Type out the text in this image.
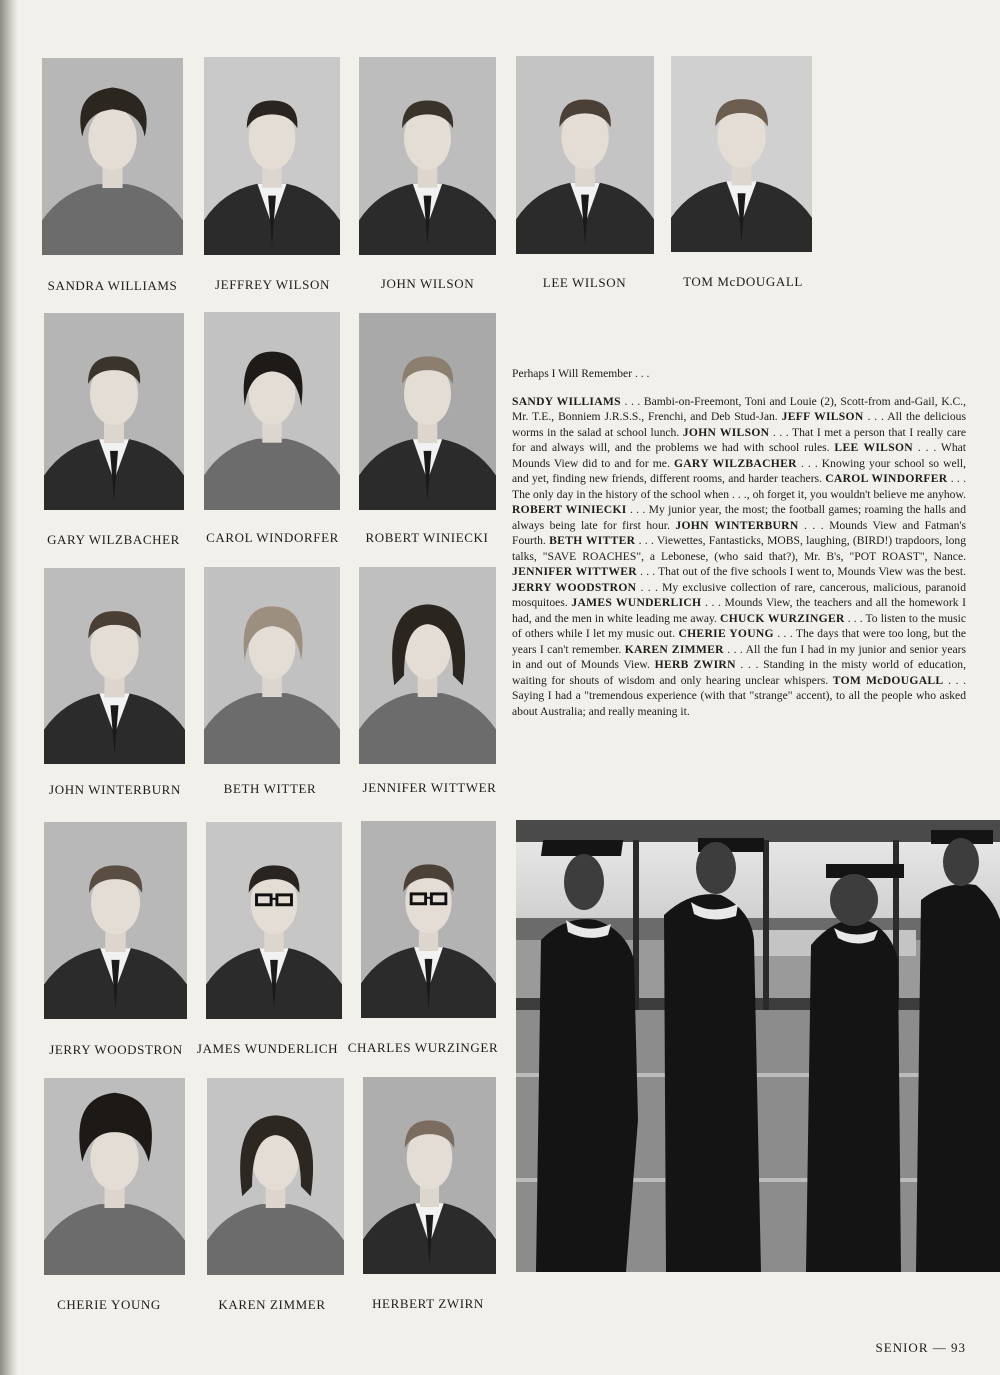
SANDRA WILLIAMS	JEFFREY WILSON	JOHN WILSON	LEE WILSON	TOM McDOUGALL
GARY WILZBACHER	CAROL WINDORFER	ROBERT WINIECKI
JOHN WINTERBURN	BETH WITTER	JENNIFER WITTWER
JERRY WOODSTRON	JAMES WUNDERLICH CHARLES WURZINGER
CHERIE YOUNG	KAREN ZIMMER	HERBERT ZWIRN

Perhaps I Will Remember . . .

SANDY WILLIAMS . . . Bambi-on-Freemont, Toni and Louie (2), Scott-from and-Gail, K.C., Mr. T.E., Bonniem J.R.S.S., Frenchi, and Deb Stud-Jan. JEFF WILSON . . . All the delicious worms in the salad at school lunch. JOHN WILSON . . . That I met a person that I really care for and always will, and the problems we had with school rules. LEE WILSON . . . What Mounds View did to and for me. GARY WILZBACHER . . . Knowing your school so well, and yet, finding new friends, different rooms, and harder teachers. CAROL WINDORFER . . . The only day in the history of the school when . . ., oh forget it, you wouldn't believe me anyhow. ROBERT WINIECKI . . . My junior year, the most; the football games; roaming the halls and always being late for first hour. JOHN WINTERBURN . . . Mounds View and Fatman's Fourth. BETH WITTER . . . Viewettes, Fantasticks, MOBS, laughing, (BIRD!) trapdoors, long talks, "SAVE ROACHES", a Lebonese, (who said that?), Mr. B's, "POT ROAST", Nance. JENNIFER WITTWER . . . That out of the five schools I went to, Mounds View was the best. JERRY WOODSTRON . . . My exclusive collection of rare, cancerous, malicious, paranoid mosquitoes. JAMES WUNDERLICH . . . Mounds View, the teachers and all the homework I had, and the men in white leading me away. CHUCK WURZINGER . . . To listen to the music of others while I let my music out. CHERIE YOUNG . . . The days that were too long, but the years I can't remember. KAREN ZIMMER . . . All the fun I had in my junior and senior years in and out of Mounds View. HERB ZWIRN . . . Standing in the misty world of education, waiting for shouts of wisdom and only hearing unclear whispers. TOM McDOUGALL . . . Saying I had a "tremendous experience (with that "strange" accent), to all the people who asked about Australia; and really meaning it.

SENIOR — 93
